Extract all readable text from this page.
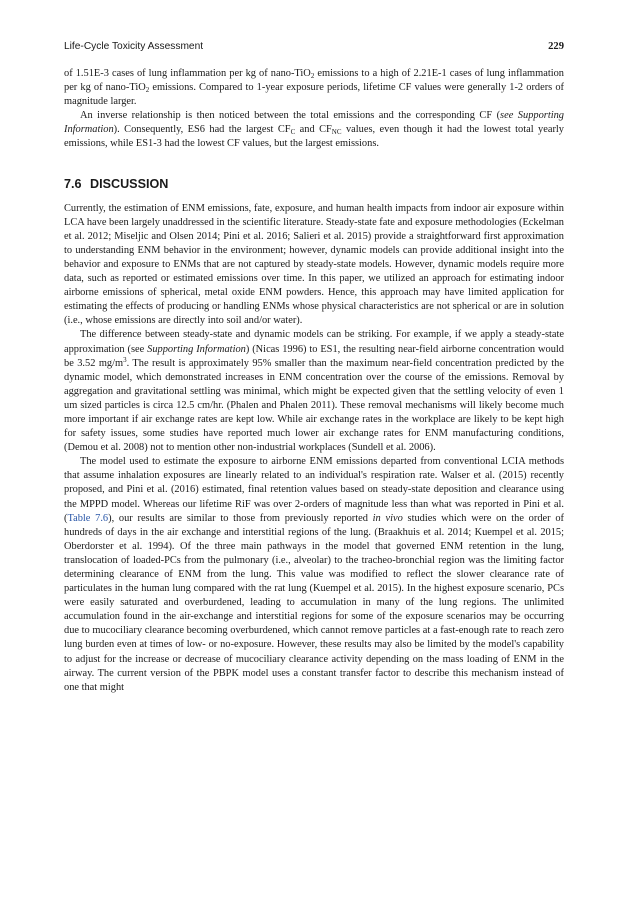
Life-Cycle Toxicity Assessment	229

of 1.51E-3 cases of lung inflammation per kg of nano-TiO$_2$ emissions to a high of 2.21E-1 cases of lung inflammation per kg of nano-TiO$_2$ emissions. Compared to 1-year exposure periods, lifetime CF values were generally 1-2 orders of magnitude larger.

An inverse relationship is then noticed between the total emissions and the corresponding CF (see Supporting Information). Consequently, ES6 had the largest $CF_C$ and $CF_{NC}$ values, even though it had the lowest total yearly emissions, while ES1-3 had the lowest CF values, but the largest emissions.

7.6 DISCUSSION

Currently, the estimation of ENM emissions, fate, exposure, and human health impacts from indoor air exposure within LCA have been largely unaddressed in the scientific literature. Steady-state fate and exposure methodologies (Eckelman et al. 2012; Miseljic and Olsen 2014; Pini et al. 2016; Salieri et al. 2015) provide a straightforward first approximation to understanding ENM behavior in the environment; however, dynamic models can provide additional insight into the behavior and exposure to ENMs that are not captured by steady-state models. However, dynamic models require more data, such as reported or estimated emissions over time. In this paper, we utilized an approach for estimating indoor airborne emissions of spherical, metal oxide ENM powders. Hence, this approach may have limited application for estimating the effects of producing or handling ENMs whose physical characteristics are not spherical or are in solution (i.e., whose emissions are directly into soil and/or water).

The difference between steady-state and dynamic models can be striking. For example, if we apply a steady-state approximation (see Supporting Information) (Nicas 1996) to ES1, the resulting near-field airborne concentration would be 3.52 $mg/m^3$. The result is approximately 95% smaller than the maximum near-field concentration predicted by the dynamic model, which demonstrated increases in ENM concentration over the course of the emissions. Removal by aggregation and gravitational settling was minimal, which might be expected given that the settling velocity of even 1 um sized particles is circa 12.5 cm/hr. (Phalen and Phalen 2011). These removal mechanisms will likely become much more important if air exchange rates are kept low. While air exchange rates in the workplace are likely to be kept high for safety issues, some studies have reported much lower air exchange rates for ENM manufacturing conditions, (Demou et al. 2008) not to mention other non-industrial workplaces (Sundell et al. 2006).

The model used to estimate the exposure to airborne ENM emissions departed from conventional LCIA methods that assume inhalation exposures are linearly related to an individual's respiration rate. Walser et al. (2015) recently proposed, and Pini et al. (2016) estimated, final retention values based on steady-state deposition and clearance using the MPPD model. Whereas our lifetime RiF was over 2-orders of magnitude less than what was reported in Pini et al. (Table 7.6), our results are similar to those from previously reported in vivo studies which were on the order of hundreds of days in the air exchange and interstitial regions of the lung. (Braakhuis et al. 2014; Kuempel et al. 2015; Oberdorster et al. 1994). Of the three main pathways in the model that governed ENM retention in the lung, translocation of loaded-PCs from the pulmonary (i.e., alveolar) to the tracheo-bronchial region was the limiting factor determining clearance of ENM from the lung. This value was modified to reflect the slower clearance rate of particulates in the human lung compared with the rat lung (Kuempel et al. 2015). In the highest exposure scenario, PCs were easily saturated and overburdened, leading to accumulation in many of the lung regions. The unlimited accumulation found in the air-exchange and interstitial regions for some of the exposure scenarios may be occurring due to mucociliary clearance becoming overburdened, which cannot remove particles at a fast-enough rate to reach zero lung burden even at times of low- or no-exposure. However, these results may also be limited by the model's capability to adjust for the increase or decrease of mucociliary clearance activity depending on the mass loading of ENM in the airway. The current version of the PBPK model uses a constant transfer factor to describe this mechanism instead of one that might
